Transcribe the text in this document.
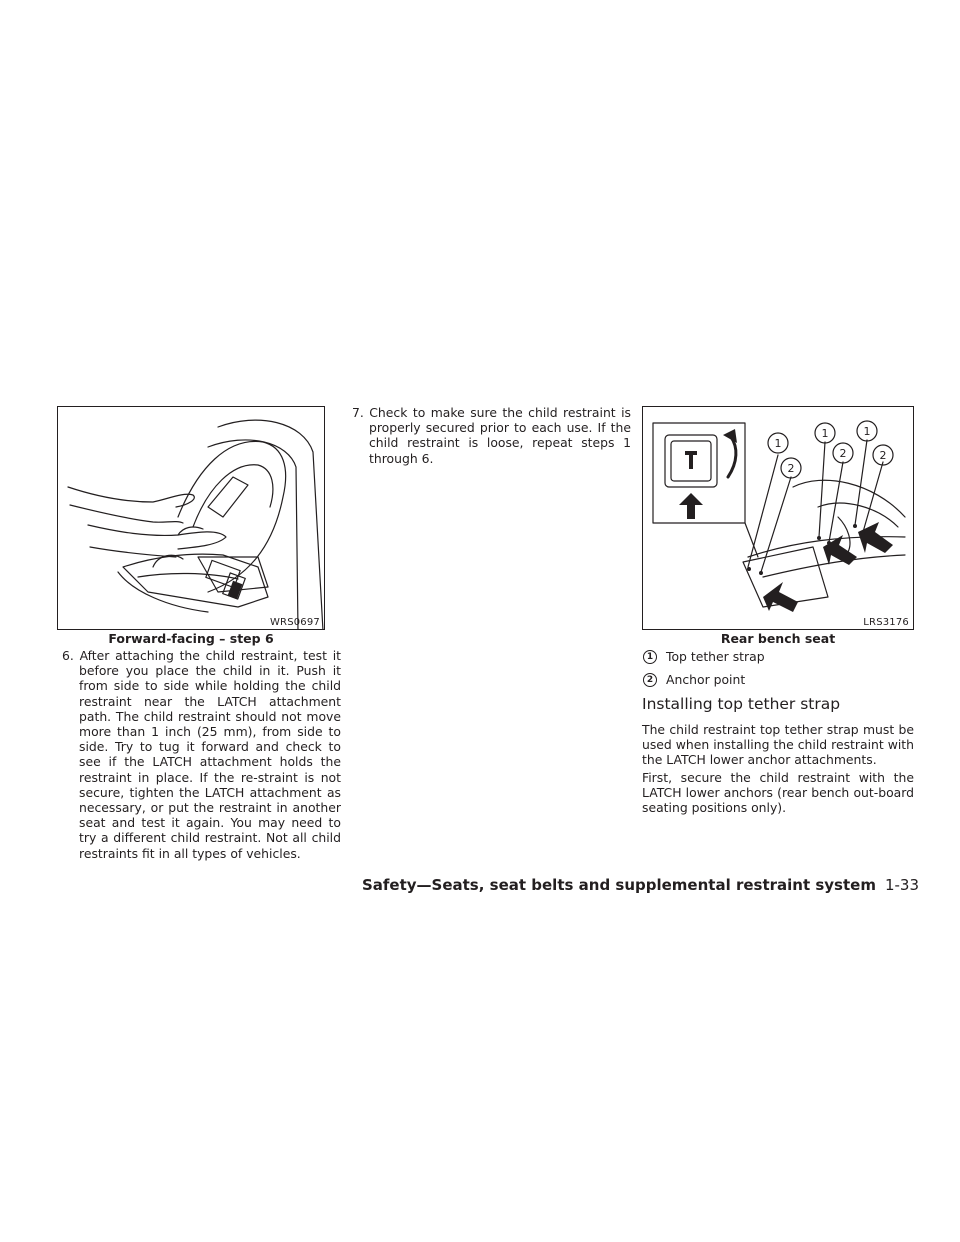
WRS0697
Forward-facing – step 6
6. After attaching the child restraint, test it before you place the child in it. Push it from side to side while holding the child restraint near the LATCH attachment path. The child restraint should not move more than 1 inch (25 mm), from side to side. Try to tug it forward and check to see if the LATCH attachment holds the restraint in place. If the re-straint is not secure, tighten the LATCH attachment as necessary, or put the restraint in another seat and test it again. You may need to try a different child restraint. Not all child restraints fit in all types of vehicles.
7. Check to make sure the child restraint is properly secured prior to each use. If the child restraint is loose, repeat steps 1 through 6.
1
1	1
2
2	2
LRS3176
Rear bench seat
1	Top tether strap
2	Anchor point
Installing top tether strap
The child restraint top tether strap must be used when installing the child restraint with the LATCH lower anchor attachments.
First, secure the child restraint with the LATCH lower anchors (rear bench out-board seating positions only).
Safety—Seats, seat belts and supplemental restraint system 1-33
